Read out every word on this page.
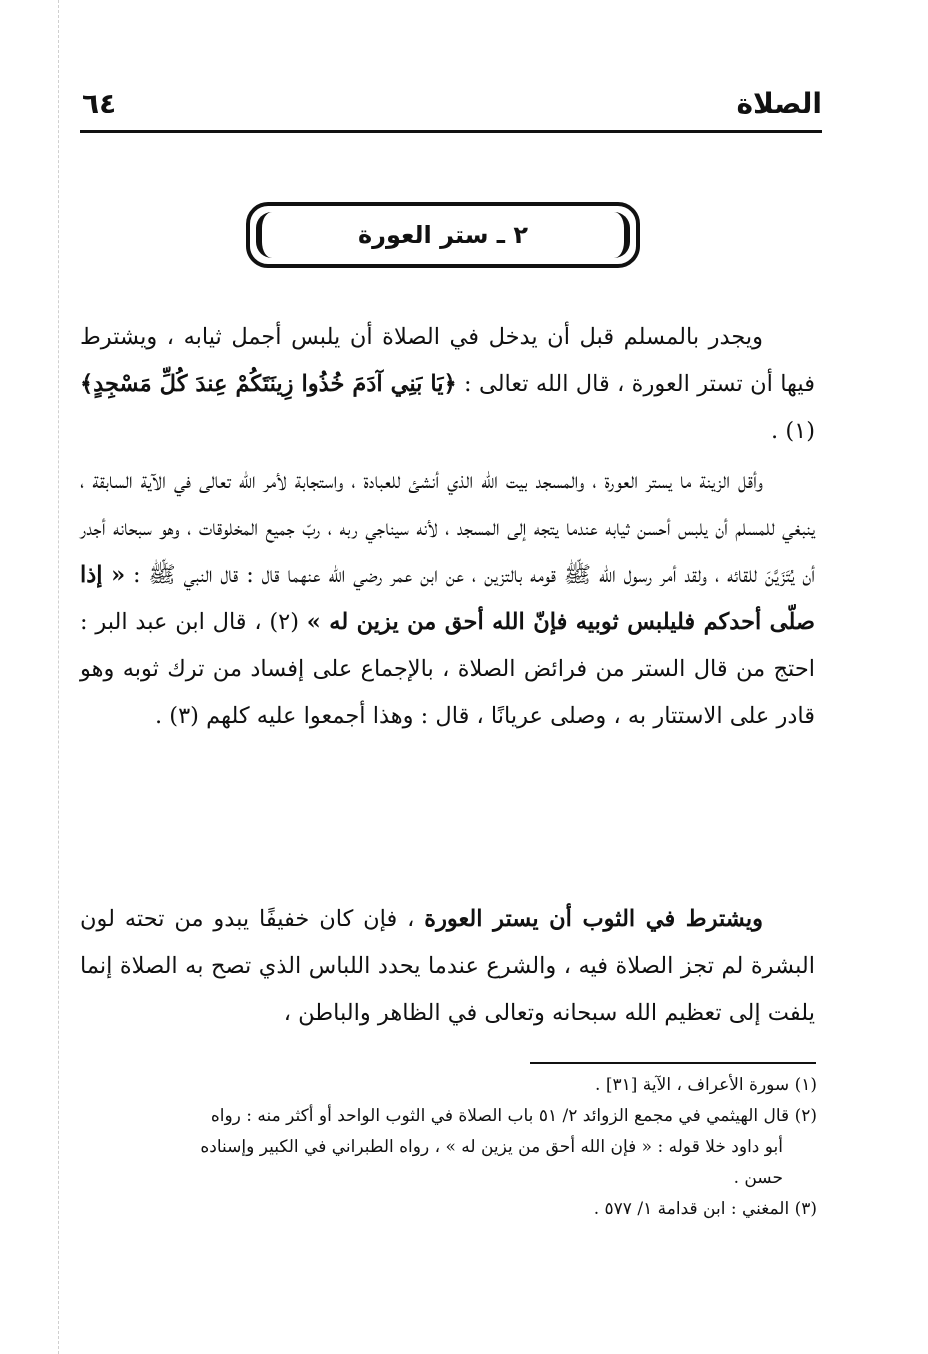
٦٤	الصلاة
٢ ـ ستر العورة
ويجدر بالمسلم قبل أن يدخل في الصلاة أن يلبس أجمل ثيابه ، ويشترط فيها أن تستر العورة ، قال الله تعالى : ﴿يَا بَنِي آدَمَ خُذُوا زِينَتَكُمْ عِندَ كُلِّ مَسْجِدٍ﴾ (١) .
وأقل الزينة ما يستر العورة ، والمسجد بيت الله الذي أنشئ للعبادة ، واستجابة لأمر الله تعالى في الآية السابقة ، ينبغي للمسلم أن يلبس أحسن ثيابه عندما يتجه إلى المسجد ، لأنه سيناجي ربه ، ربّ جميع المخلوقات ، وهو سبحانه أجدر أن يُتَزَيَّنَ للقائه ، ولقد أمر رسول الله ﷺ قومه بالتزين ، عن ابن عمر رضي الله عنهما قال : قال النبي ﷺ : « إذا صلّى أحدكم فليلبس ثوبيه فإنّ الله أحق من يزين له » (٢) ، قال ابن عبد البر : احتج من قال الستر من فرائض الصلاة ، بالإجماع على إفساد من ترك ثوبه وهو قادر على الاستتار به ، وصلى عريانًا ، قال : وهذا أجمعوا عليه كلهم (٣) .
ويشترط في الثوب أن يستر العورة ، فإن كان خفيفًا يبدو من تحته لون البشرة لم تجز الصلاة فيه ، والشرع عندما يحدد اللباس الذي تصح به الصلاة إنما يلفت إلى تعظيم الله سبحانه وتعالى في الظاهر والباطن ،

(١) سورة الأعراف ، الآية [٣١] .

(٢) قال الهيثمي في مجمع الزوائد ٢/ ٥١ باب الصلاة في الثوب الواحد أو أكثر منه : رواه

أبو داود خلا قوله : « فإن الله أحق من يزين له » ، رواه الطبراني في الكبير وإسناده

حسن .

(٣) المغني : ابن قدامة ١/ ٥٧٧ .
